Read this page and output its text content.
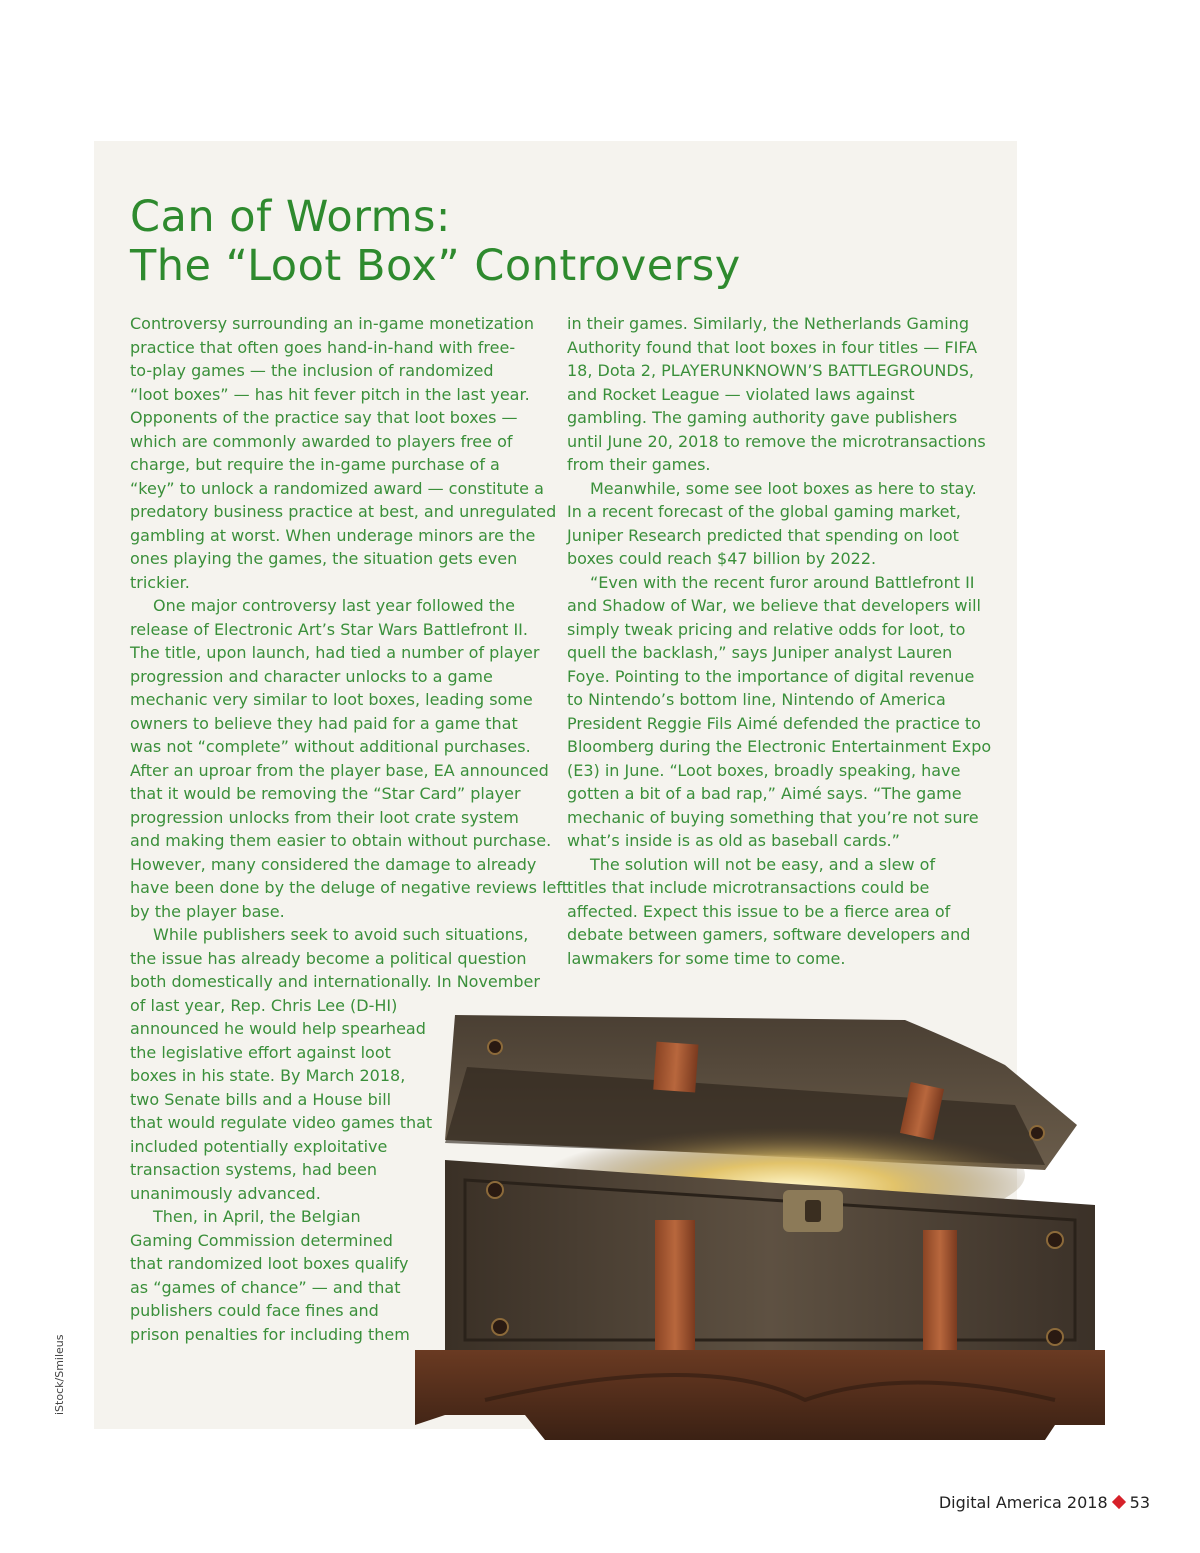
Can of Worms:
The “Loot Box” Controversy

Controversy surrounding an in-game monetization
practice that often goes hand-in-hand with free-
to-play games — the inclusion of randomized
“loot boxes” — has hit fever pitch in the last year.
Opponents of the practice say that loot boxes —
which are commonly awarded to players free of
charge, but require the in-game purchase of a
“key” to unlock a randomized award — constitute a
predatory business practice at best, and unregulated
gambling at worst. When underage minors are the
ones playing the games, the situation gets even
trickier.

One major controversy last year followed the
release of Electronic Art’s Star Wars Battlefront II.
The title, upon launch, had tied a number of player
progression and character unlocks to a game
mechanic very similar to loot boxes, leading some
owners to believe they had paid for a game that
was not “complete” without additional purchases.
After an uproar from the player base, EA announced
that it would be removing the “Star Card” player
progression unlocks from their loot crate system
and making them easier to obtain without purchase.
However, many considered the damage to already
have been done by the deluge of negative reviews left
by the player base.

While publishers seek to avoid such situations,
the issue has already become a political question
both domestically and internationally. In November
of last year, Rep. Chris Lee (D-HI)
announced he would help spearhead
the legislative effort against loot
boxes in his state. By March 2018,
two Senate bills and a House bill
that would regulate video games that
included potentially exploitative
transaction systems, had been
unanimously advanced.

Then, in April, the Belgian
Gaming Commission determined
that randomized loot boxes qualify
as “games of chance” — and that
publishers could face fines and
prison penalties for including them

in their games. Similarly, the Netherlands Gaming
Authority found that loot boxes in four titles — FIFA
18, Dota 2, PLAYERUNKNOWN’S BATTLEGROUNDS,
and Rocket League — violated laws against
gambling. The gaming authority gave publishers
until June 20, 2018 to remove the microtransactions
from their games.

Meanwhile, some see loot boxes as here to stay.
In a recent forecast of the global gaming market,
Juniper Research predicted that spending on loot
boxes could reach $47 billion by 2022.

“Even with the recent furor around Battlefront II
and Shadow of War, we believe that developers will
simply tweak pricing and relative odds for loot, to
quell the backlash,” says Juniper analyst Lauren
Foye. Pointing to the importance of digital revenue
to Nintendo’s bottom line, Nintendo of America
President Reggie Fils Aimé defended the practice to
Bloomberg during the Electronic Entertainment Expo
(E3) in June. “Loot boxes, broadly speaking, have
gotten a bit of a bad rap,” Aimé says. “The game
mechanic of buying something that you’re not sure
what’s inside is as old as baseball cards.”

The solution will not be easy, and a slew of
titles that include microtransactions could be
affected. Expect this issue to be a fierce area of
debate between gamers, software developers and
lawmakers for some time to come.

iStock/Smileus
Digital America 2018 53
